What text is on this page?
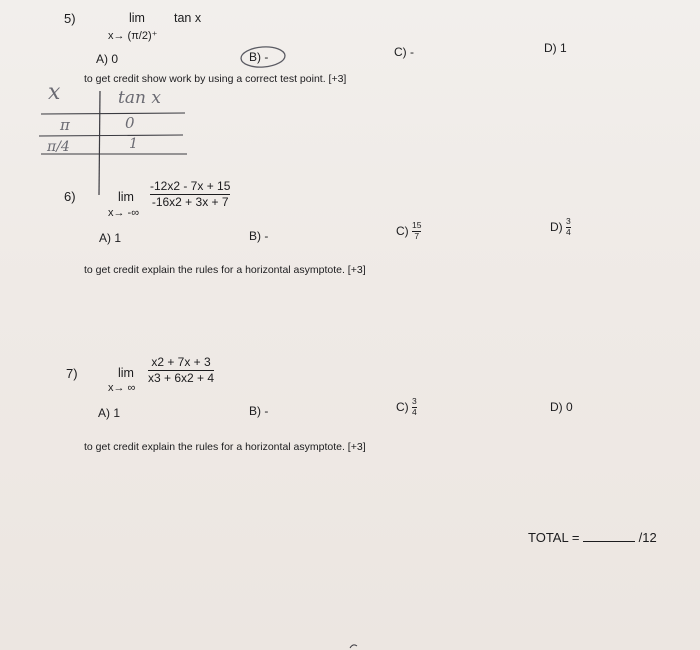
5)	lim tan x
x→ (π/2)⁺
A) 0	B) -	C) -	D) 1
to get credit show work by using a correct test point. [+3]
x	tan x
π	0
π/4	1
6)	lim
x→ -∞
-12x2 - 7x + 15
-16x2 + 3x + 7
A) 1	B) -	$C) \frac{15}{7}$	$D) \frac{3}{4}$
to get credit explain the rules for a horizontal asymptote. [+3]
7)	lim
x→ ∞
x2 + 7x + 3
x3 + 6x2 + 4
A) 1	B) -	$C) \frac{3}{4}$	D) 0
to get credit explain the rules for a horizontal asymptote. [+3]
TOTAL =	/12
